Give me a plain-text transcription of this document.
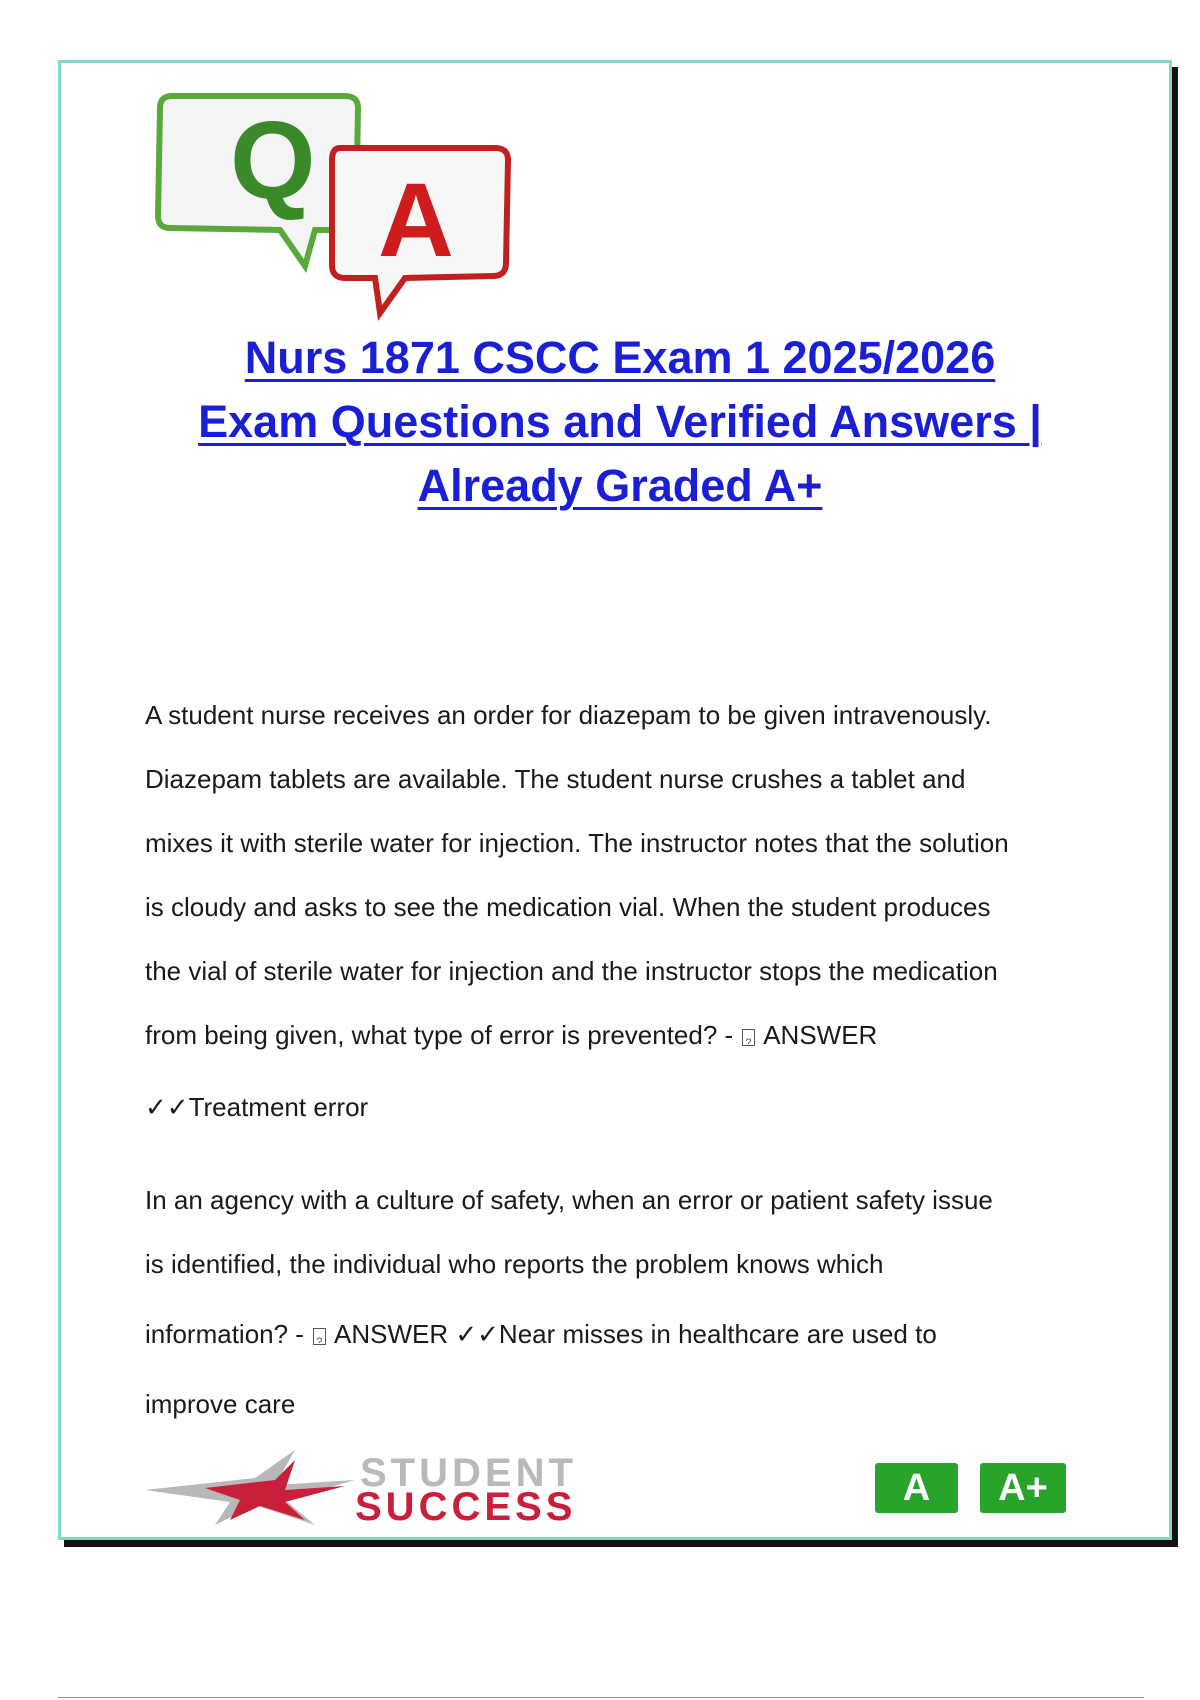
Q A
Nurs 1871 CSCC Exam 1 2025/2026
Exam Questions and Verified Answers |
Already Graded A+
A student nurse receives an order for diazepam to be given intravenously.
Diazepam tablets are available. The student nurse crushes a tablet and
mixes it with sterile water for injection. The instructor notes that the solution
is cloudy and asks to see the medication vial. When the student produces
the vial of sterile water for injection and the instructor stops the medication
from being given, what type of error is prevented? - ? ANSWER
✓✓Treatment error
In an agency with a culture of safety, when an error or patient safety issue
is identified, the individual who reports the problem knows which
information? - ? ANSWER ✓✓Near misses in healthcare are used to
improve care
STUDENT
SUCCESS	A	A+
